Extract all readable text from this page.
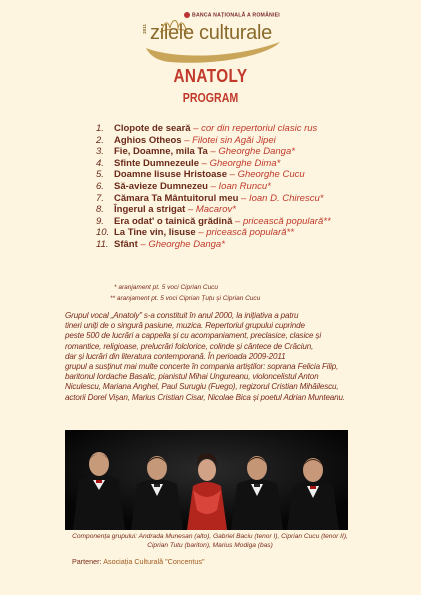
BANCA NAȚIONALĂ A ROMÂNIEI
2011 zilele culturale
ANATOLY
PROGRAM
1. Clopote de seară – cor din repertoriul clasic rus
2. Aghios Otheos – Filotei sin Agăi Jipei
3. Fie, Doamne, mila Ta – Gheorghe Danga*
4. Sfinte Dumnezeule – Gheorghe Dima*
5. Doamne Iisuse Hristoase – Gheorghe Cucu
6. Să-avieze Dumnezeu – Ioan Runcu*
7. Cămara Ta Mântuitorul meu – Ioan D. Chirescu*
8. Îngerul a strigat – Macarov*
9. Era odat' o tainică grădină – pricească populară**
10. La Tine vin, Iisuse – pricească populară**
11. Sfânt – Gheorghe Danga*
* aranjament pt. 5 voci Ciprian Cucu
** aranjament pt. 5 voci Ciprian Țuțu și Ciprian Cucu
Grupul vocal „Anatoly” s-a constituit în anul 2000, la inițiativa a patru
tineri uniți de o singură pasiune, muzica. Repertoriul grupului cuprinde
peste 500 de lucrări a cappella și cu acompaniament, preclasice, clasice și
romantice, religioase, prelucrări folclorice, colinde și cântece de Crăciun,
dar și lucrări din literatura contemporană. În perioada 2009-2011
grupul a susținut mai multe concerte în compania artiștilor: soprana Felicia Filip,
baritonul Iordache Basalic, pianistul Mihai Ungureanu, violoncelistul Anton
Niculescu, Mariana Anghel, Paul Surugiu (Fuego), regizorul Cristian Mihăilescu,
actorii Dorel Vișan, Marius Cristian Cisar, Nicolae Bica și poetul Adrian Munteanu.
Componența grupului: Andrada Munesan (alto), Gabriel Baciu (tenor I), Ciprian Cucu (tenor II),
Ciprian Tutu (bariton), Marius Modiga (bas)
Partener: Asociația Culturală "Concentus"
